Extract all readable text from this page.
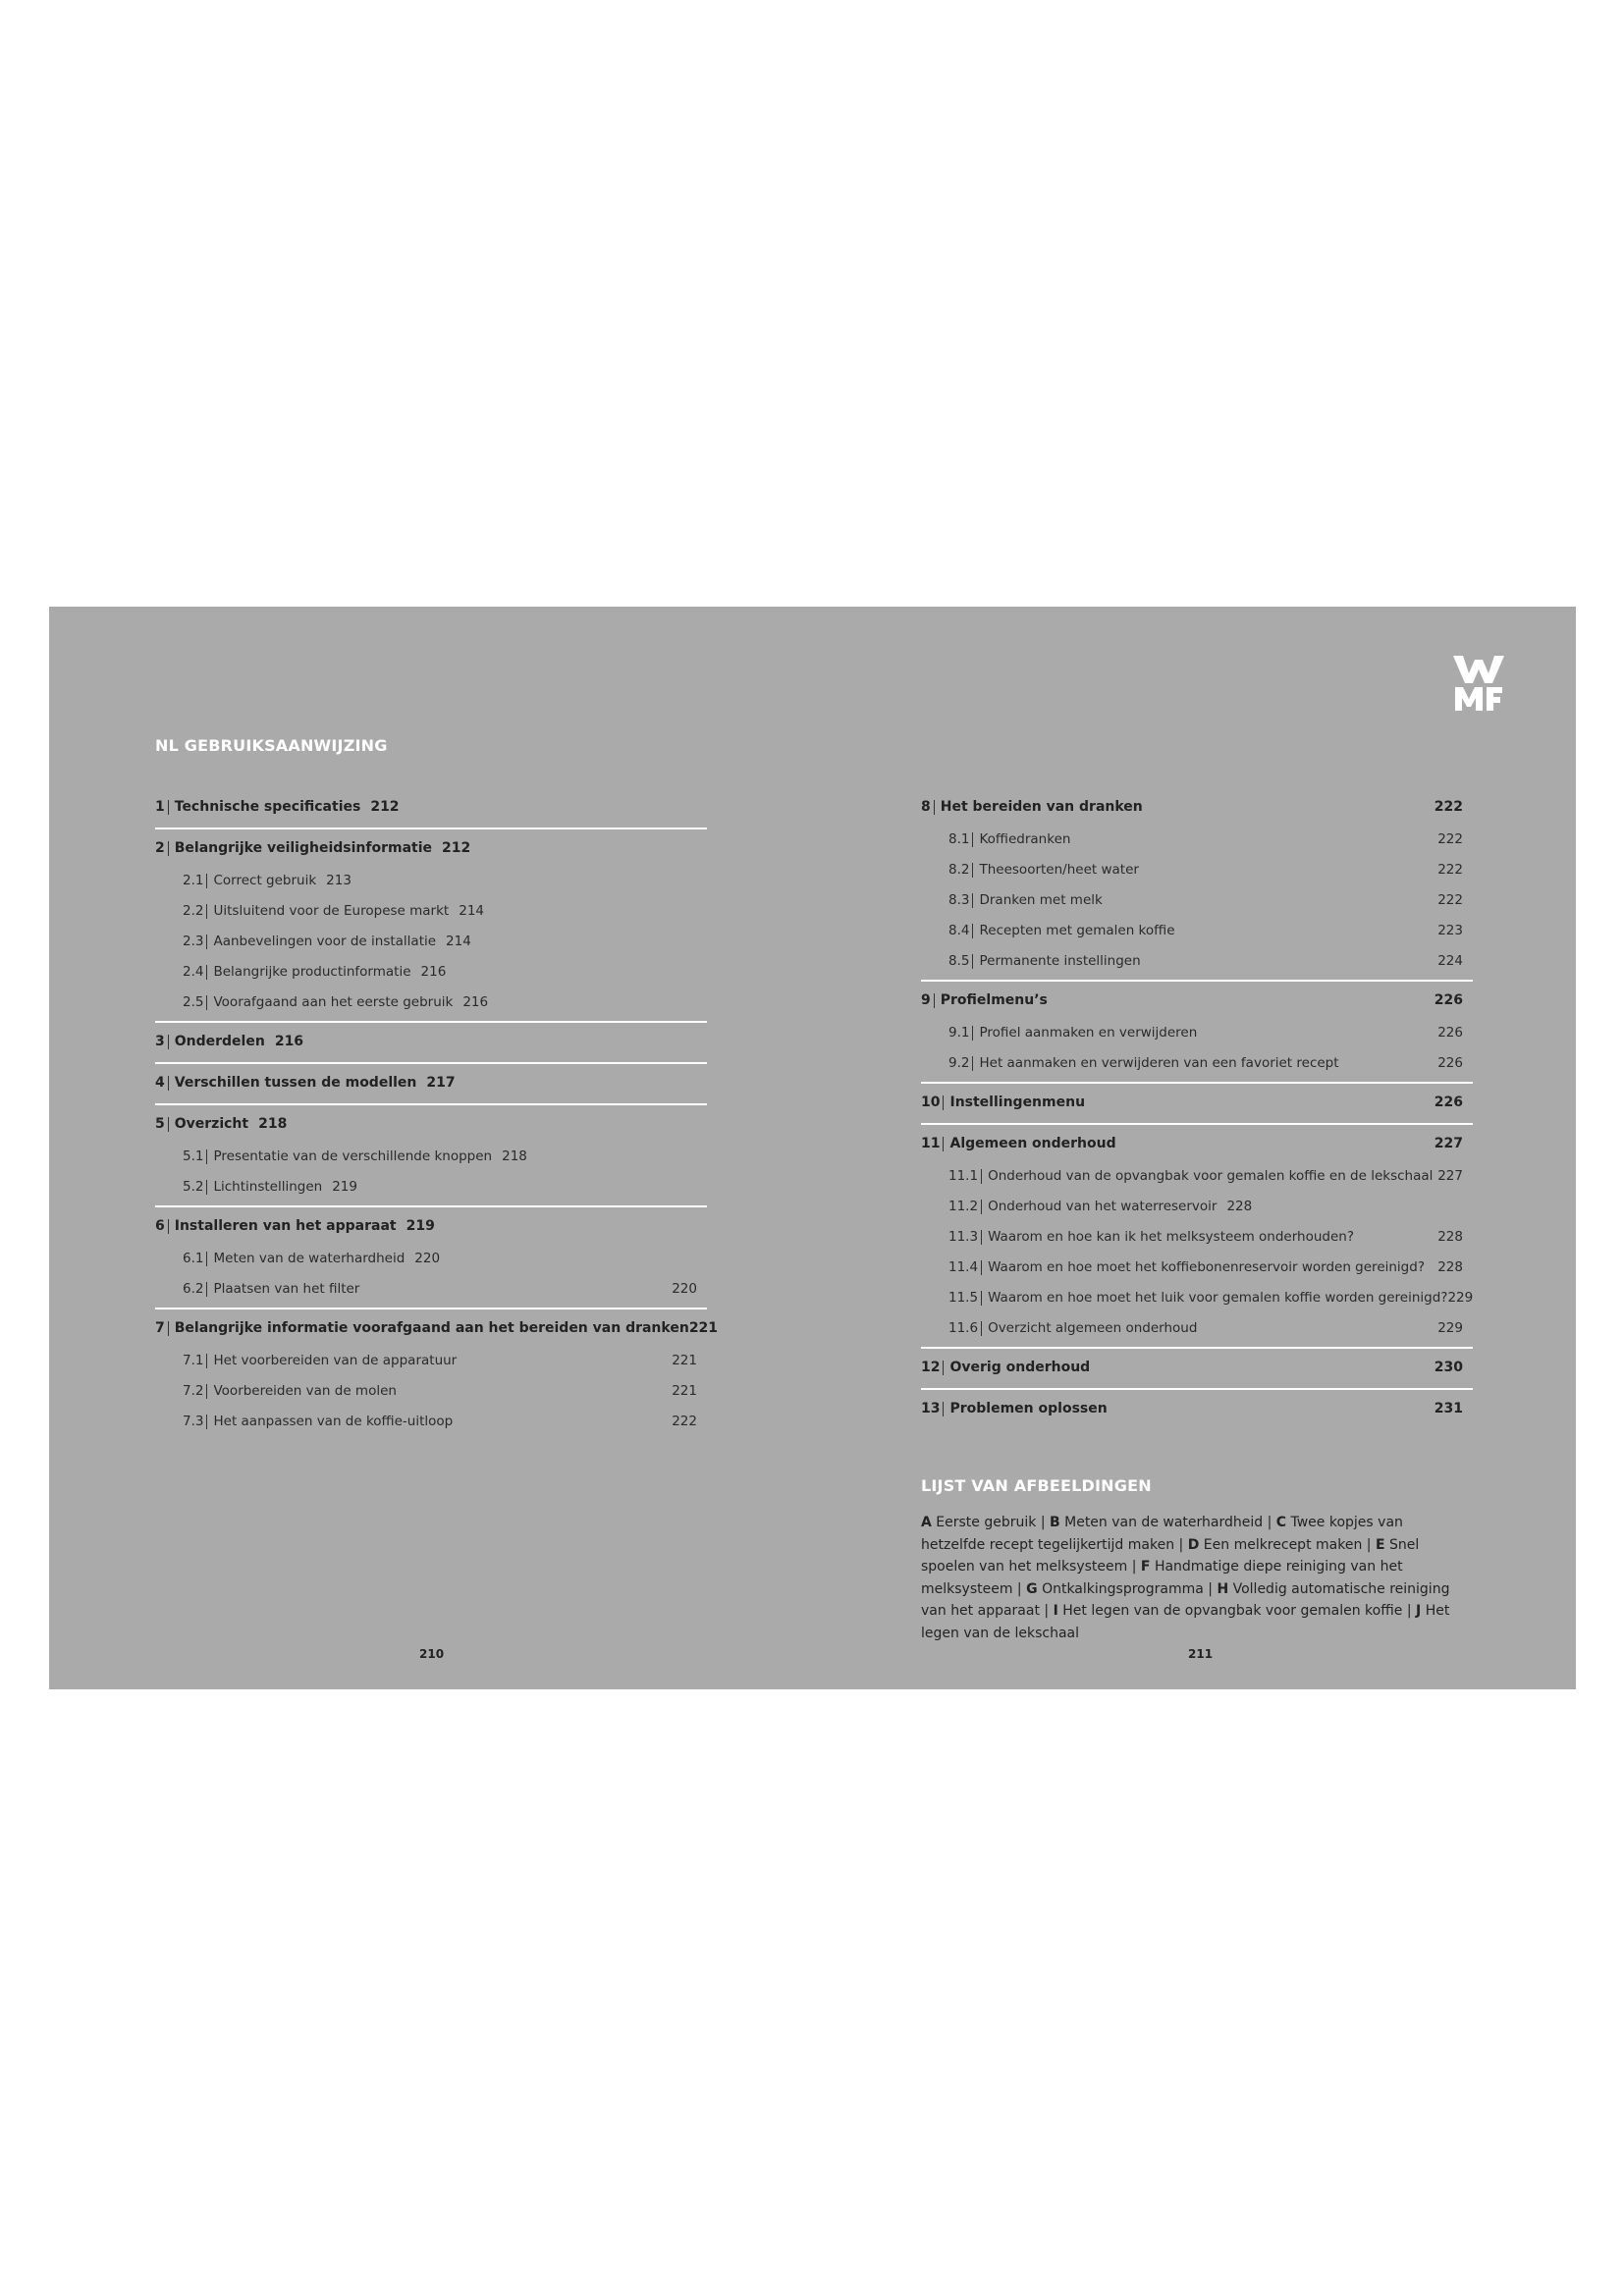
NL GEBRUIKSAANWIJZING
1 Technische specificaties 212
2 Belangrijke veiligheidsinformatie 212
2.1 Correct gebruik 213
2.2 Uitsluitend voor de Europese markt 214
2.3 Aanbevelingen voor de installatie 214
2.4 Belangrijke productinformatie 216
2.5 Voorafgaand aan het eerste gebruik 216
3 Onderdelen 216
4 Verschillen tussen de modellen 217
5 Overzicht 218
5.1 Presentatie van de verschillende knoppen 218
5.2 Lichtinstellingen 219
6 Installeren van het apparaat 219
6.1 Meten van de waterhardheid 220
6.2 Plaatsen van het filter	220
7 Belangrijke informatie voorafgaand aan het bereiden van dranken 221
7.1 Het voorbereiden van de apparatuur	221
7.2 Voorbereiden van de molen	221
7.3 Het aanpassen van de koffie-uitloop	222
8 Het bereiden van dranken	222
8.1 Koffiedranken	222
8.2 Theesoorten/heet water	222
8.3 Dranken met melk	222
8.4 Recepten met gemalen koffie	223
8.5 Permanente instellingen	224
9 Profielmenu’s	226
9.1 Profiel aanmaken en verwijderen	226
9.2 Het aanmaken en verwijderen van een favoriet recept	226
10 Instellingenmenu	226
11 Algemeen onderhoud	227
11.1 Onderhoud van de opvangbak voor gemalen koffie en de lekschaal 227
11.2 Onderhoud van het waterreservoir 228
11.3 Waarom en hoe kan ik het melksysteem onderhouden?	228
11.4 Waarom en hoe moet het koffiebonenreservoir worden gereinigd? 228
11.5 Waarom en hoe moet het luik voor gemalen koffie worden gereinigd? 229
11.6 Overzicht algemeen onderhoud	229
12 Overig onderhoud	230
13 Problemen oplossen	231
LIJST VAN AFBEELDINGEN

A Eerste gebruik | B Meten van de waterhardheid | C Twee kopjes van hetzelfde recept tegelijkertijd maken | D Een melkrecept maken | E Snel spoelen van het melksysteem | F Handmatige diepe reiniging van het melksysteem | G Ontkalkingsprogramma | H Volledig automatische reiniging van het apparaat | I Het legen van de opvangbak voor gemalen koffie | J Het legen van de lekschaal

210	211
